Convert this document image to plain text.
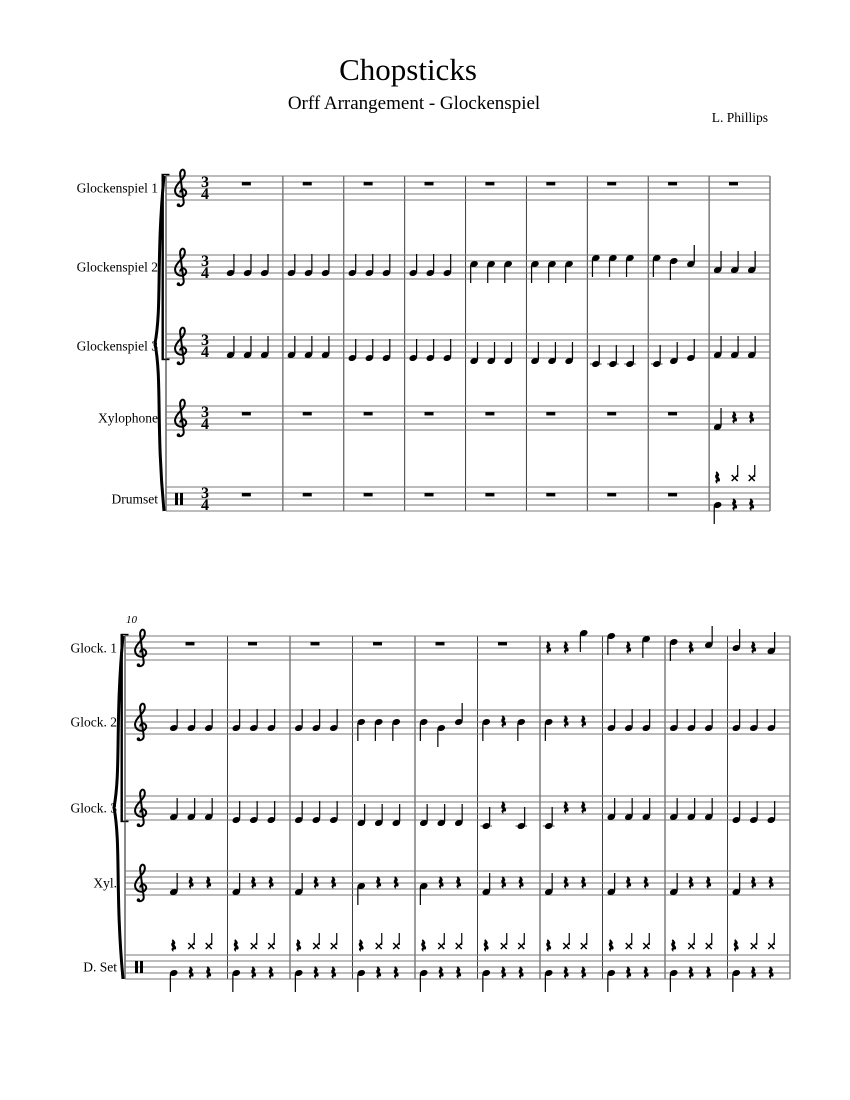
Chopsticks
Orff Arrangement - Glockenspiel
L. Phillips
Glockenspiel 1	3
4
Glockenspiel 2	3
4
Glockenspiel 3	3
4
Xylophone	3
4
Drumset	3
4
10
Glock. 1
Glock. 2
Glock. 3
Xyl.
D. Set
